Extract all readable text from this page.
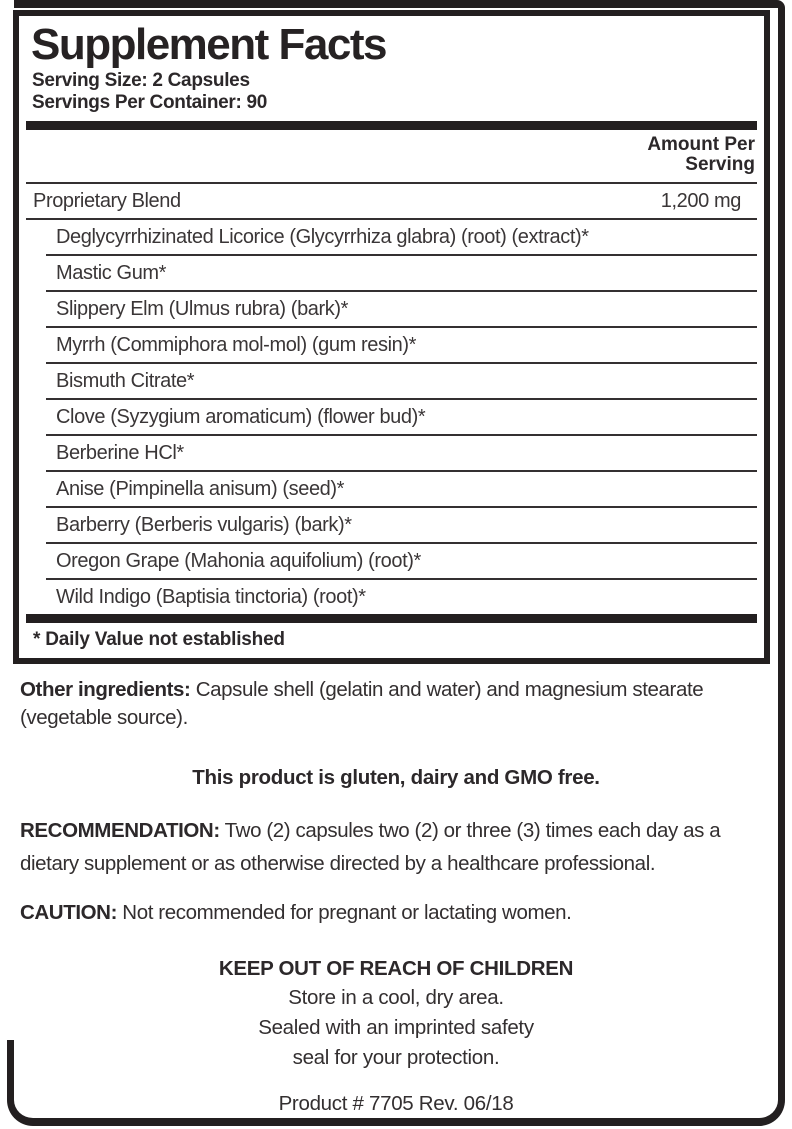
Supplement Facts
Serving Size: 2 Capsules
Servings Per Container: 90
Amount Per
Serving
Proprietary Blend	1,200 mg
Deglycyrrhizinated Licorice (Glycyrrhiza glabra) (root) (extract)*
Mastic Gum*
Slippery Elm (Ulmus rubra) (bark)*
Myrrh (Commiphora mol-mol) (gum resin)*
Bismuth Citrate*
Clove (Syzygium aromaticum) (flower bud)*
Berberine HCl*
Anise (Pimpinella anisum) (seed)*
Barberry (Berberis vulgaris) (bark)*
Oregon Grape (Mahonia aquifolium) (root)*
Wild Indigo (Baptisia tinctoria) (root)*
* Daily Value not established

Other ingredients: Capsule shell (gelatin and water) and magnesium stearate (vegetable source).

This product is gluten, dairy and GMO free.

RECOMMENDATION: Two (2) capsules two (2) or three (3) times each day as a dietary supplement or as otherwise directed by a healthcare professional.

CAUTION: Not recommended for pregnant or lactating women.

KEEP OUT OF REACH OF CHILDREN
Store in a cool, dry area.
Sealed with an imprinted safety
seal for your protection.
Product # 7705 Rev. 06/18
